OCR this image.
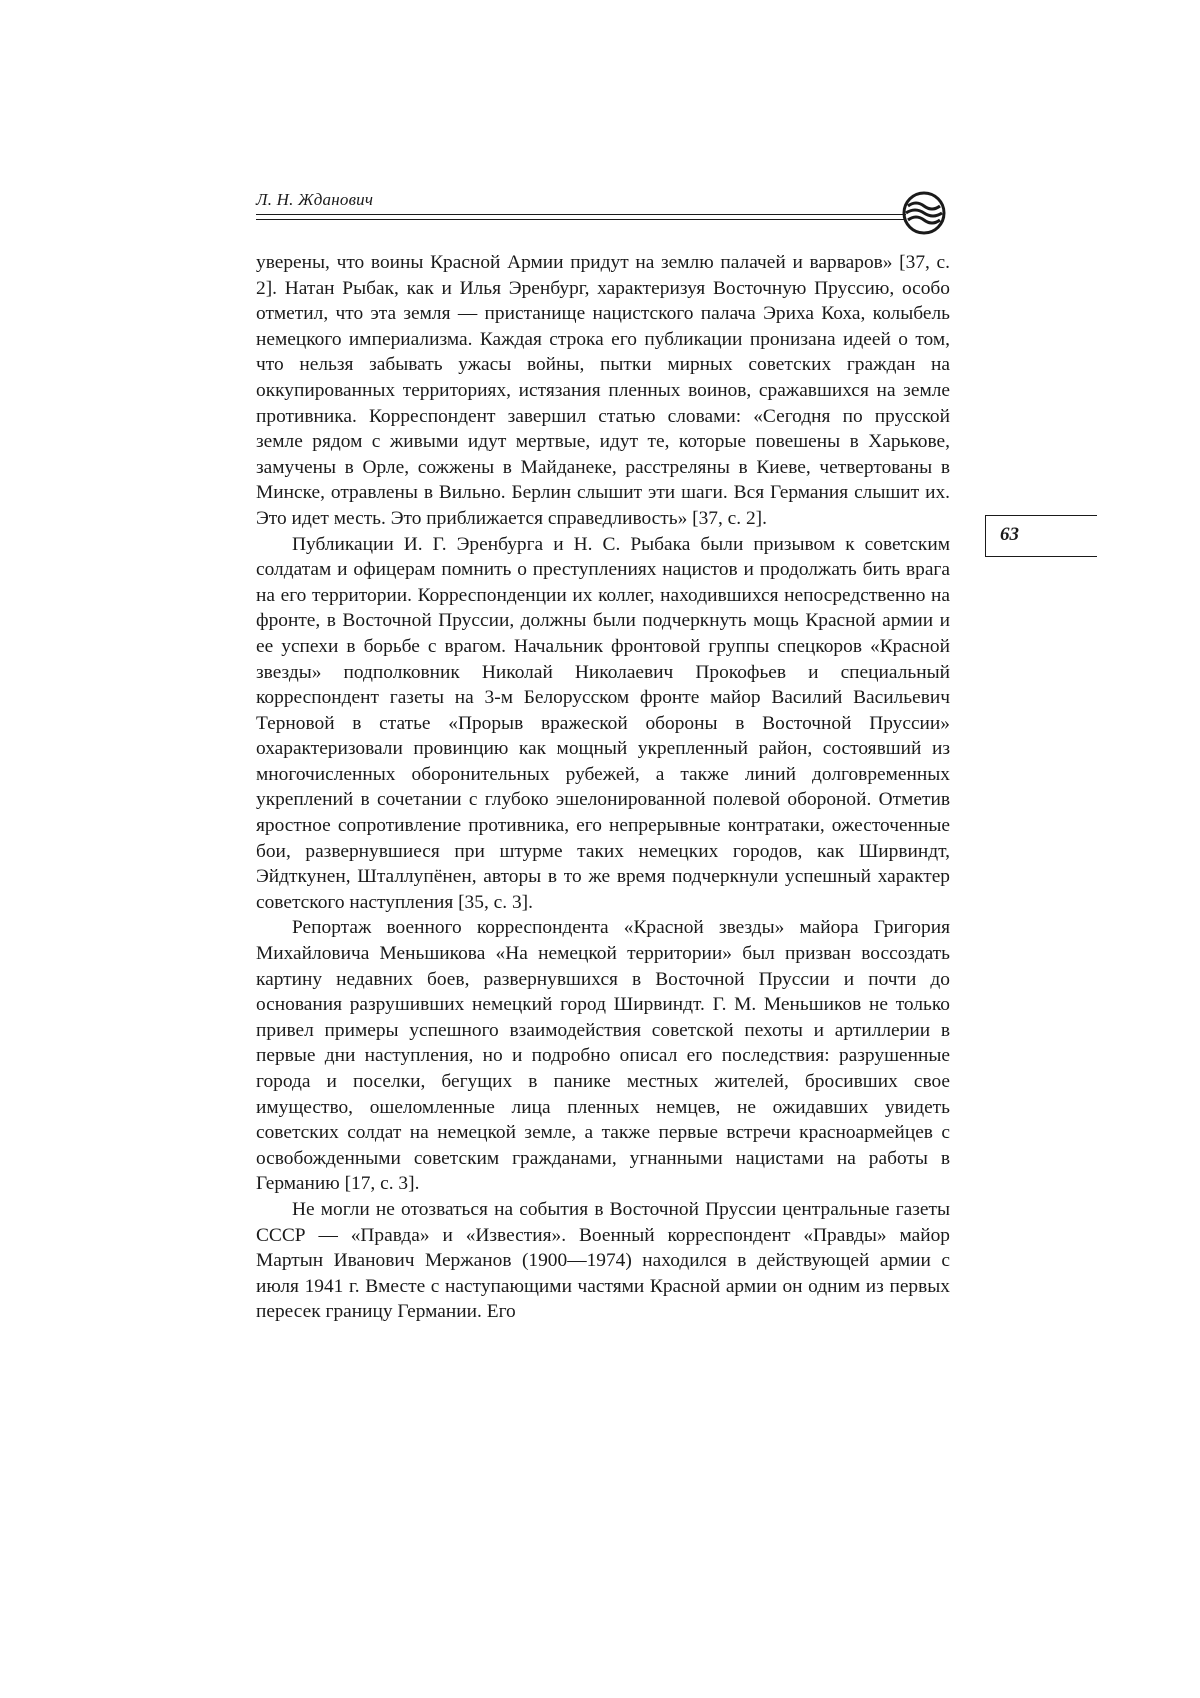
Л. Н. Жданович
63

уверены, что воины Красной Армии придут на землю палачей и варваров» [37, с. 2]. Натан Рыбак, как и Илья Эренбург, характеризуя Восточную Пруссию, особо отметил, что эта земля — пристанище нацистского палача Эриха Коха, колыбель немецкого империализма. Каждая строка его публикации пронизана идеей о том, что нельзя забывать ужасы войны, пытки мирных советских граждан на оккупированных территориях, истязания пленных воинов, сражавшихся на земле противника. Корреспондент завершил статью словами: «Сегодня по прусской земле рядом с живыми идут мертвые, идут те, которые повешены в Харькове, замучены в Орле, сожжены в Майданеке, расстреляны в Киеве, четвертованы в Минске, отравлены в Вильно. Берлин слышит эти шаги. Вся Германия слышит их. Это идет месть. Это приближается справедливость» [37, с. 2].

Публикации И. Г. Эренбурга и Н. С. Рыбака были призывом к советским солдатам и офицерам помнить о преступлениях нацистов и продолжать бить врага на его территории. Корреспонденции их коллег, находившихся непосредственно на фронте, в Восточной Пруссии, должны были подчеркнуть мощь Красной армии и ее успехи в борьбе с врагом. Начальник фронтовой группы спецкоров «Красной звезды» подполковник Николай Николаевич Прокофьев и специальный корреспондент газеты на 3-м Белорусском фронте майор Василий Васильевич Терновой в статье «Прорыв вражеской обороны в Восточной Пруссии» охарактеризовали провинцию как мощный укрепленный район, состоявший из многочисленных оборонительных рубежей, а также линий долговременных укреплений в сочетании с глубоко эшелонированной полевой обороной. Отметив яростное сопротивление противника, его непрерывные контратаки, ожесточенные бои, развернувшиеся при штурме таких немецких городов, как Ширвиндт, Эйдткунен, Шталлупёнен, авторы в то же время подчеркнули успешный характер советского наступления [35, с. 3].

Репортаж военного корреспондента «Красной звезды» майора Григория Михайловича Меньшикова «На немецкой территории» был призван воссоздать картину недавних боев, развернувшихся в Восточной Пруссии и почти до основания разрушивших немецкий город Ширвиндт. Г. М. Меньшиков не только привел примеры успешного взаимодействия советской пехоты и артиллерии в первые дни наступления, но и подробно описал его последствия: разрушенные города и поселки, бегущих в панике местных жителей, бросивших свое имущество, ошеломленные лица пленных немцев, не ожидавших увидеть советских солдат на немецкой земле, а также первые встречи красноармейцев с освобожденными советским гражданами, угнанными нацистами на работы в Германию [17, с. 3].

Не могли не отозваться на события в Восточной Пруссии центральные газеты СССР — «Правда» и «Известия». Военный корреспондент «Правды» майор Мартын Иванович Мержанов (1900—1974) находился в действующей армии с июля 1941 г. Вместе с наступающими частями Красной армии он одним из первых пересек границу Германии. Его
